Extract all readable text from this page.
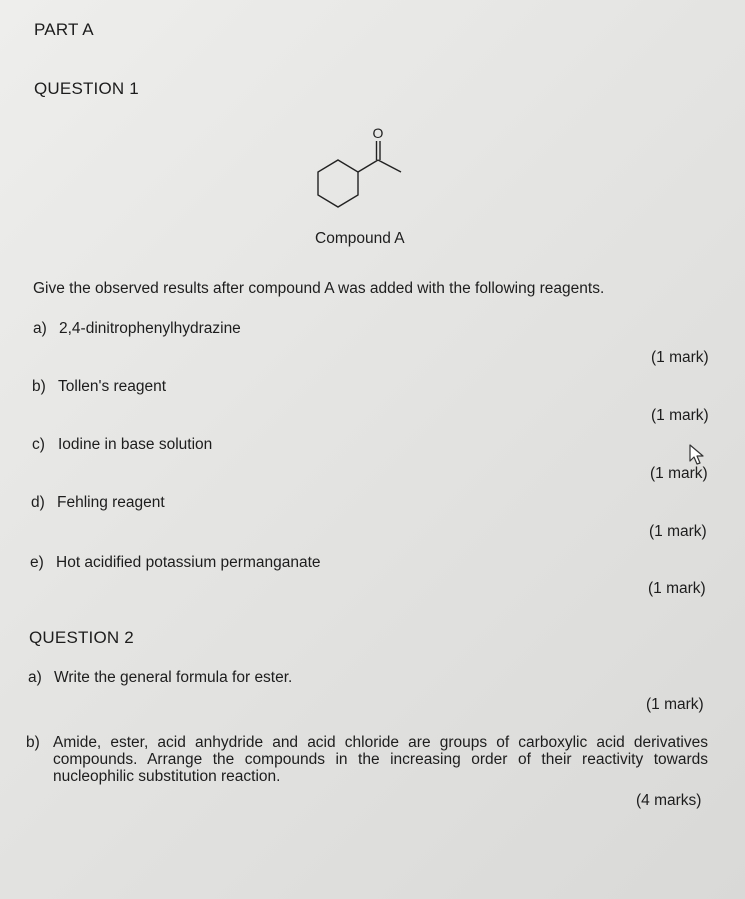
PART A
QUESTION 1
O
Compound A
Give the observed results after compound A was added with the following reagents.
a) 2,4-dinitrophenylhydrazine
(1 mark)
b) Tollen's reagent
(1 mark)
c) Iodine in base solution
(1 mark)
d) Fehling reagent
(1 mark)
e) Hot acidified potassium permanganate
(1 mark)
QUESTION 2
a) Write the general formula for ester.
(1 mark)
b) Amide, ester, acid anhydride and acid chloride are groups of carboxylic acid derivatives compounds. Arrange the compounds in the increasing order of their reactivity towards nucleophilic substitution reaction.
(4 marks)
